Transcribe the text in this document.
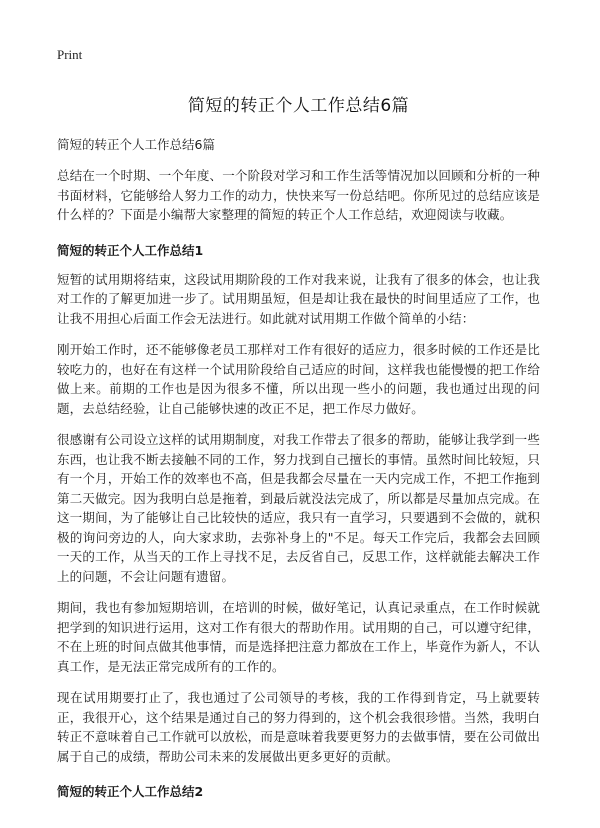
Print
简短的转正个人工作总结6篇

简短的转正个人工作总结6篇

总结在一个时期、一个年度、一个阶段对学习和工作生活等情况加以回顾和分析的一种书面材料，它能够给人努力工作的动力，快快来写一份总结吧。你所见过的总结应该是什么样的？下面是小编帮大家整理的简短的转正个人工作总结，欢迎阅读与收藏。

简短的转正个人工作总结1

短暂的试用期将结束，这段试用期阶段的工作对我来说，让我有了很多的体会，也让我对工作的了解更加进一步了。试用期虽短，但是却让我在最快的时间里适应了工作，也让我不用担心后面工作会无法进行。如此就对试用期工作做个简单的小结：

刚开始工作时，还不能够像老员工那样对工作有很好的适应力，很多时候的工作还是比较吃力的，也好在有这样一个试用阶段给自己适应的时间，这样我也能慢慢的把工作给做上来。前期的工作也是因为很多不懂，所以出现一些小的问题，我也通过出现的问题，去总结经验，让自己能够快速的改正不足，把工作尽力做好。

很感谢有公司设立这样的试用期制度，对我工作带去了很多的帮助，能够让我学到一些东西，也让我不断去接触不同的工作，努力找到自己擅长的事情。虽然时间比较短，只有一个月，开始工作的效率也不高，但是我都会尽量在一天内完成工作，不把工作拖到第二天做完。因为我明白总是拖着，到最后就没法完成了，所以都是尽量加点完成。在这一期间，为了能够让自己比较快的适应，我只有一直学习，只要遇到不会做的，就积极的询问旁边的人，向大家求助，去弥补身上的"不足。每天工作完后，我都会去回顾一天的工作，从当天的工作上寻找不足，去反省自己，反思工作，这样就能去解决工作上的问题，不会让问题有遗留。

期间，我也有参加短期培训，在培训的时候，做好笔记，认真记录重点，在工作时候就把学到的知识进行运用，这对工作有很大的帮助作用。试用期的自己，可以遵守纪律，不在上班的时间点做其他事情，而是选择把注意力都放在工作上，毕竟作为新人，不认真工作，是无法正常完成所有的工作的。

现在试用期要打止了，我也通过了公司领导的考核，我的工作得到肯定，马上就要转正，我很开心，这个结果是通过自己的努力得到的，这个机会我很珍惜。当然，我明白转正不意味着自己工作就可以放松，而是意味着我要更努力的去做事情，要在公司做出属于自己的成绩，帮助公司未来的发展做出更多更好的贡献。

简短的转正个人工作总结2
